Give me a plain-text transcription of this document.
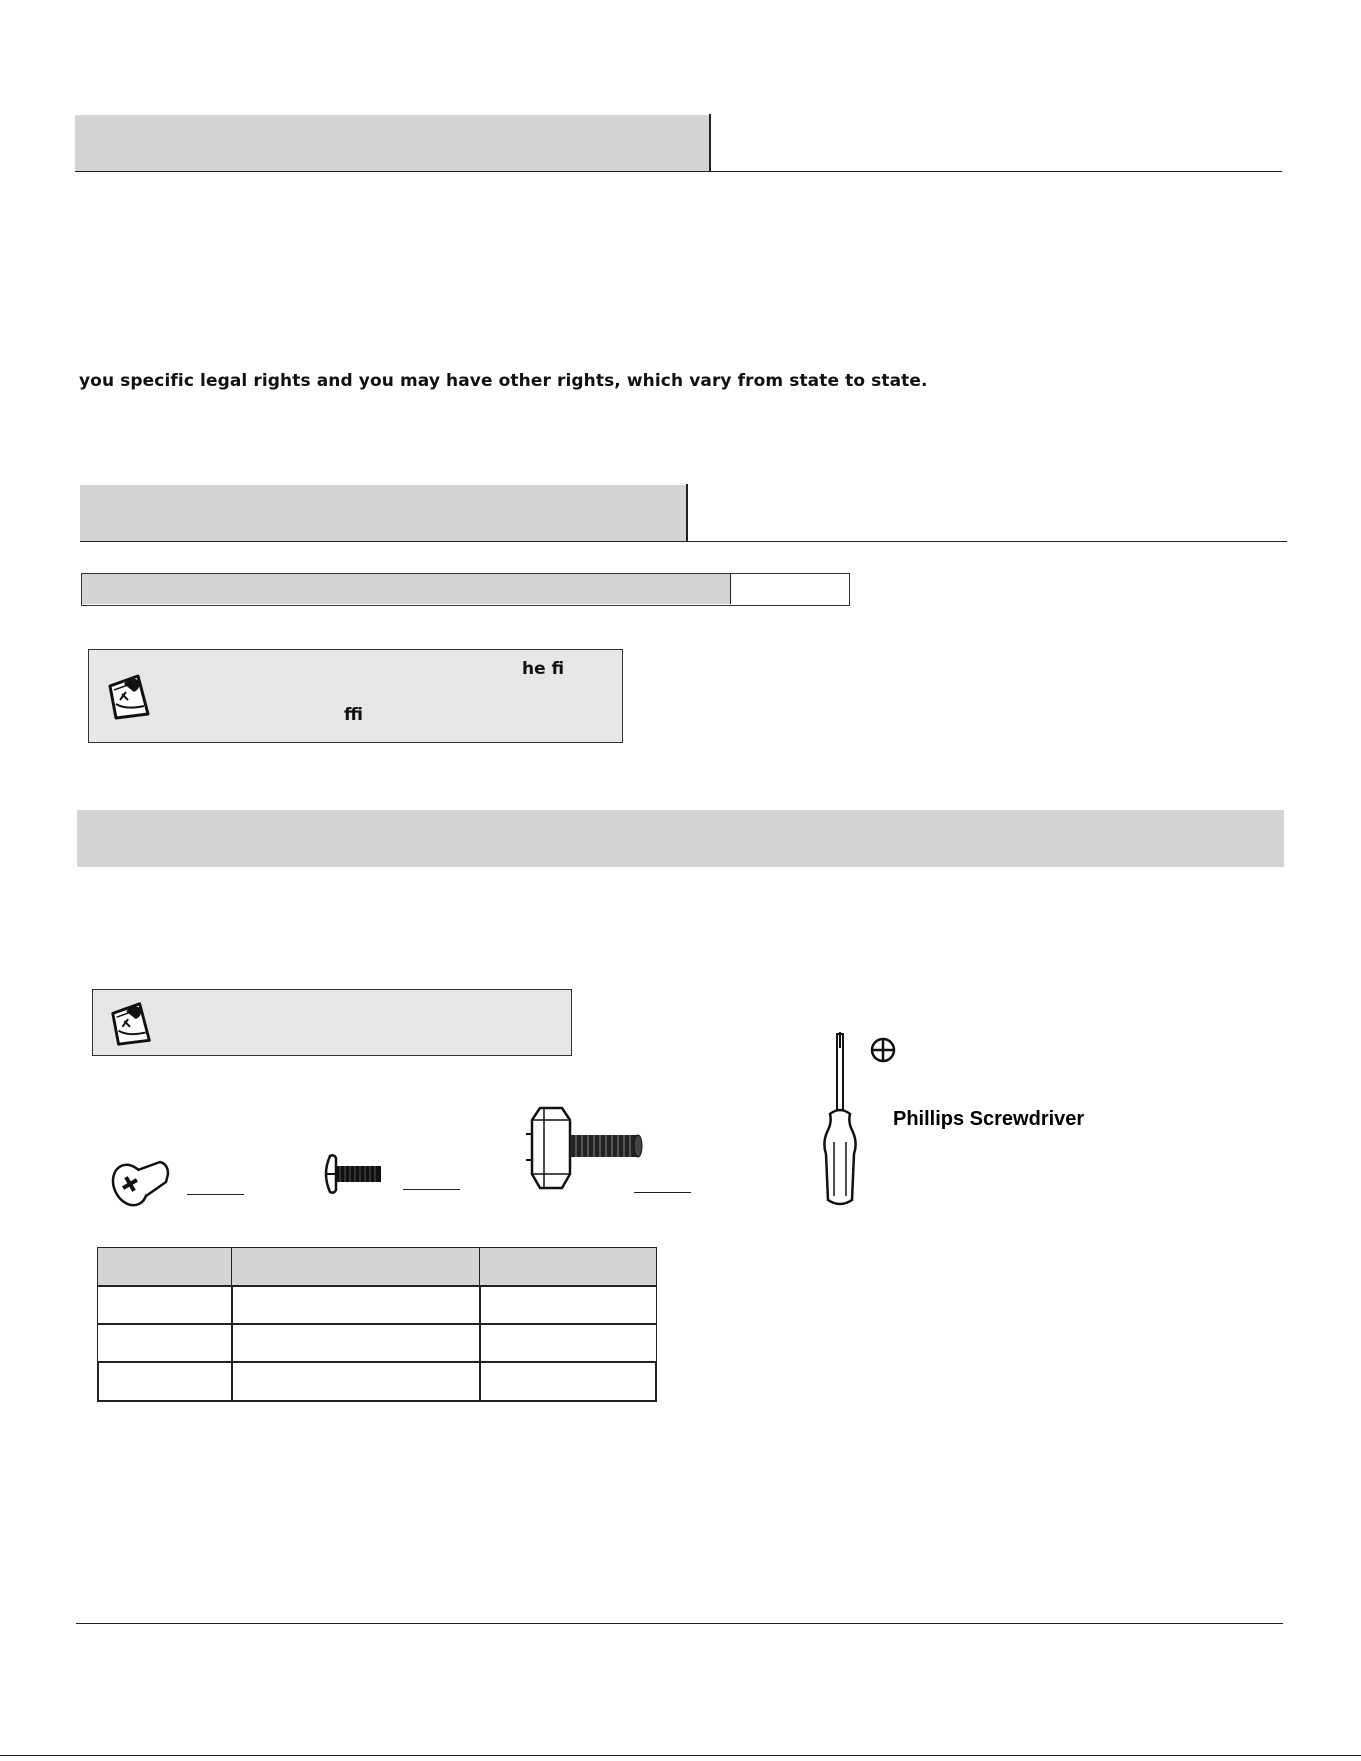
you specific legal rights and you may have other rights, which vary from state to state.
he fi
ffi
Phillips Screwdriver
